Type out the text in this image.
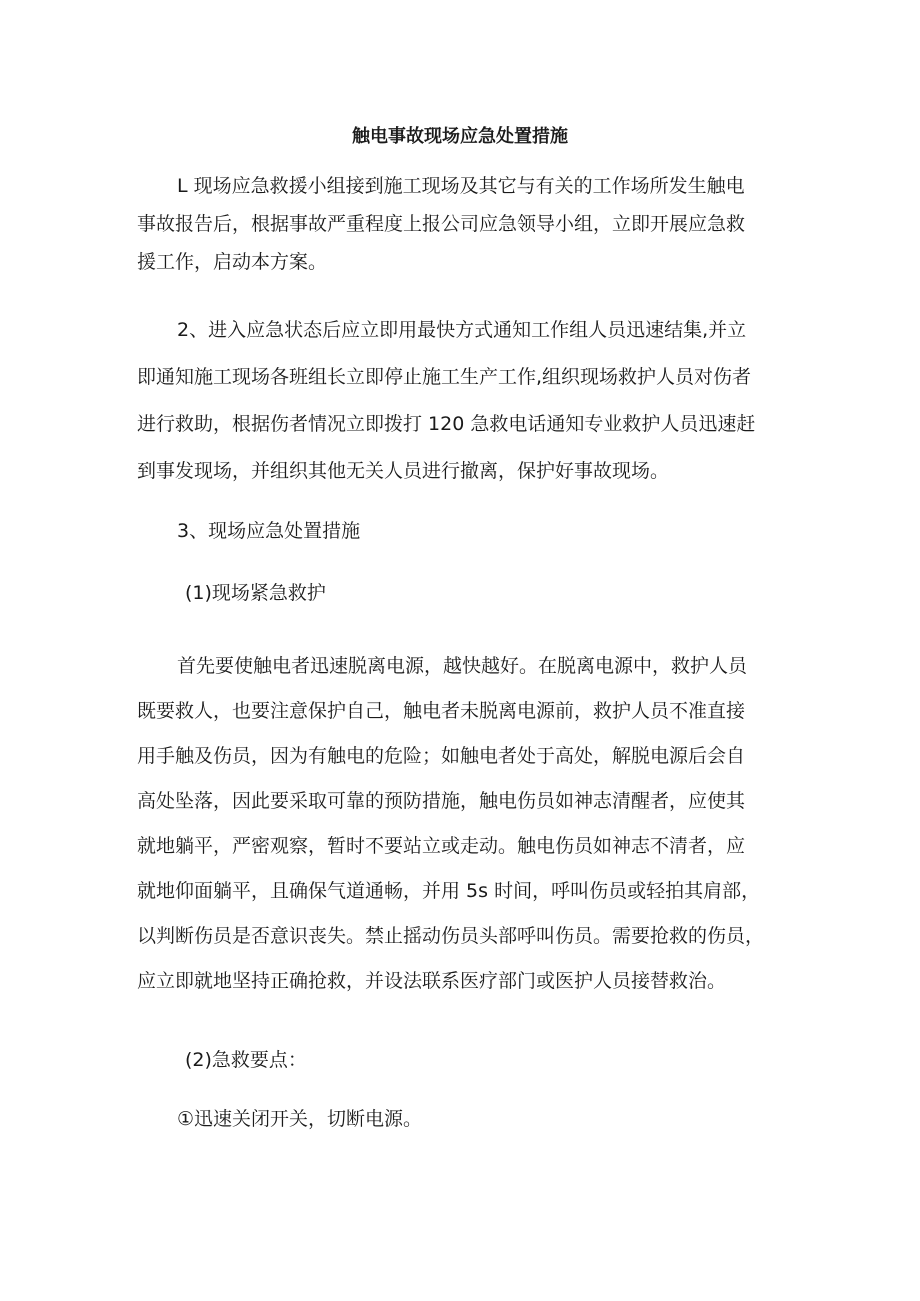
触电事故现场应急处置措施
L 现场应急救援小组接到施工现场及其它与有关的工作场所发生触电
事故报告后，根据事故严重程度上报公司应急领导小组，立即开展应急救
援工作，启动本方案。
2、进入应急状态后应立即用最快方式通知工作组人员迅速结集,并立
即通知施工现场各班组长立即停止施工生产工作,组织现场救护人员对伤者
进行救助，根据伤者情况立即拨打 120 急救电话通知专业救护人员迅速赶
到事发现场，并组织其他无关人员进行撤离，保护好事故现场。
3、现场应急处置措施
(1)现场紧急救护
首先要使触电者迅速脱离电源，越快越好。在脱离电源中，救护人员
既要救人，也要注意保护自己，触电者未脱离电源前，救护人员不准直接
用手触及伤员，因为有触电的危险；如触电者处于高处，解脱电源后会自
高处坠落，因此要采取可靠的预防措施，触电伤员如神志清醒者，应使其
就地躺平，严密观察，暂时不要站立或走动。触电伤员如神志不清者，应
就地仰面躺平，且确保气道通畅，并用 5s 时间，呼叫伤员或轻拍其肩部，
以判断伤员是否意识丧失。禁止摇动伤员头部呼叫伤员。需要抢救的伤员，
应立即就地坚持正确抢救，并设法联系医疗部门或医护人员接替救治。
(2)急救要点：
①迅速关闭开关，切断电源。
